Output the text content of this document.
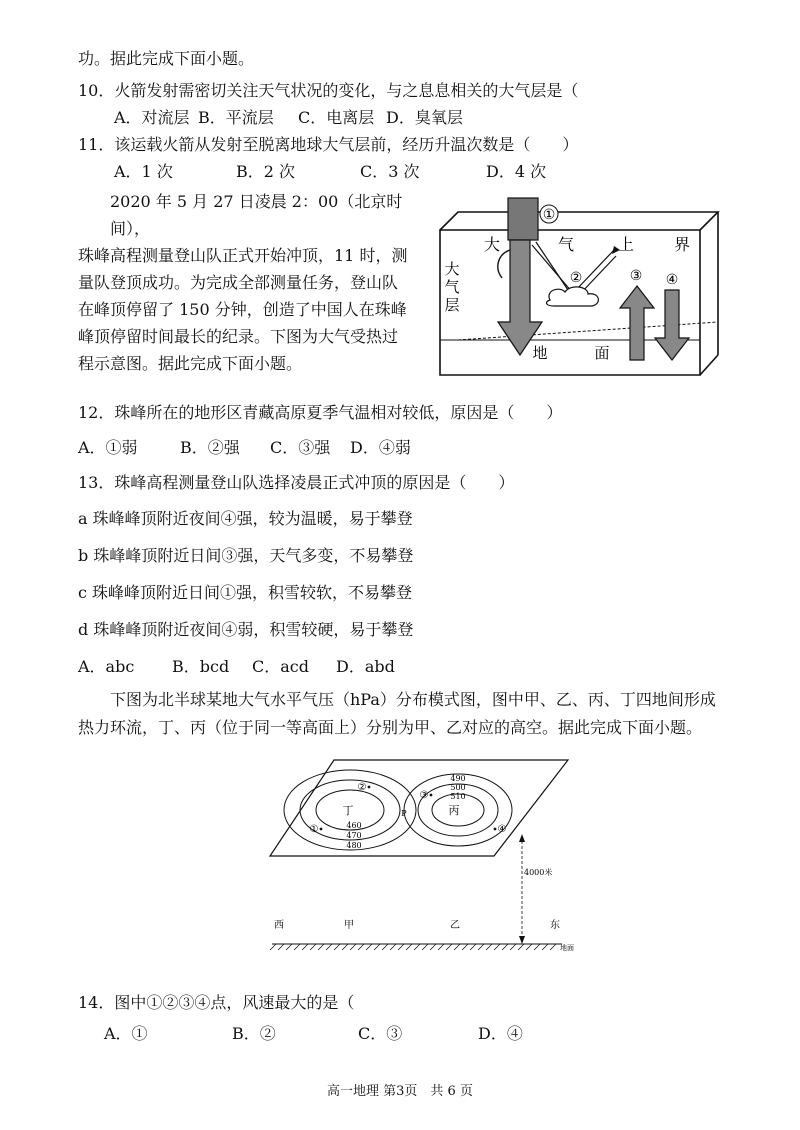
功。据此完成下面小题。
10．火箭发射需密切关注天气状况的变化，与之息息相关的大气层是（
A．对流层 B．平流层 C．电离层 D．臭氧层
11．该运载火箭从发射至脱离地球大气层前，经历升温次数是（　　）
A．1 次	B．2 次	C．3 次	D．4 次
2020 年 5 月 27 日凌晨 2：00（北京时间），
珠峰高程测量登山队正式开始冲顶，11 时，测
量队登顶成功。为完成全部测量任务，登山队
在峰顶停留了 150 分钟，创造了中国人在珠峰
峰顶停留时间最长的纪录。下图为大气受热过
程示意图。据此完成下面小题。
①
②	③ ④
大	气	上 界
大
气
层
地	面
12．珠峰所在的地形区青藏高原夏季气温相对较低，原因是（　　）
A．①弱	B．②强 C．③强 D．④弱
13．珠峰高程测量登山队选择凌晨正式冲顶的原因是（　　）
a 珠峰峰顶附近夜间④强，较为温暖，易于攀登
b 珠峰峰顶附近日间③强，天气多变，不易攀登
c 珠峰峰顶附近日间①强，积雪较软，不易攀登
d 珠峰峰顶附近夜间④弱，积雪较硬，易于攀登
A．abc B．bcd C．acd D．abd
下图为北半球某地大气水平气压（hPa）分布模式图，图中甲、乙、丙、丁四地间形成热力环流，丁、丙（位于同一等高面上）分别为甲、乙对应的高空。据此完成下面小题。
丁	丙
P
460
470
480
490
500
510
①
②
③
④
4000米
西	甲	乙	东
地面
14．图中①②③④点，风速最大的是（
A．①	B．②	C．③	D．④
高一地理 第3页　共 6 页
